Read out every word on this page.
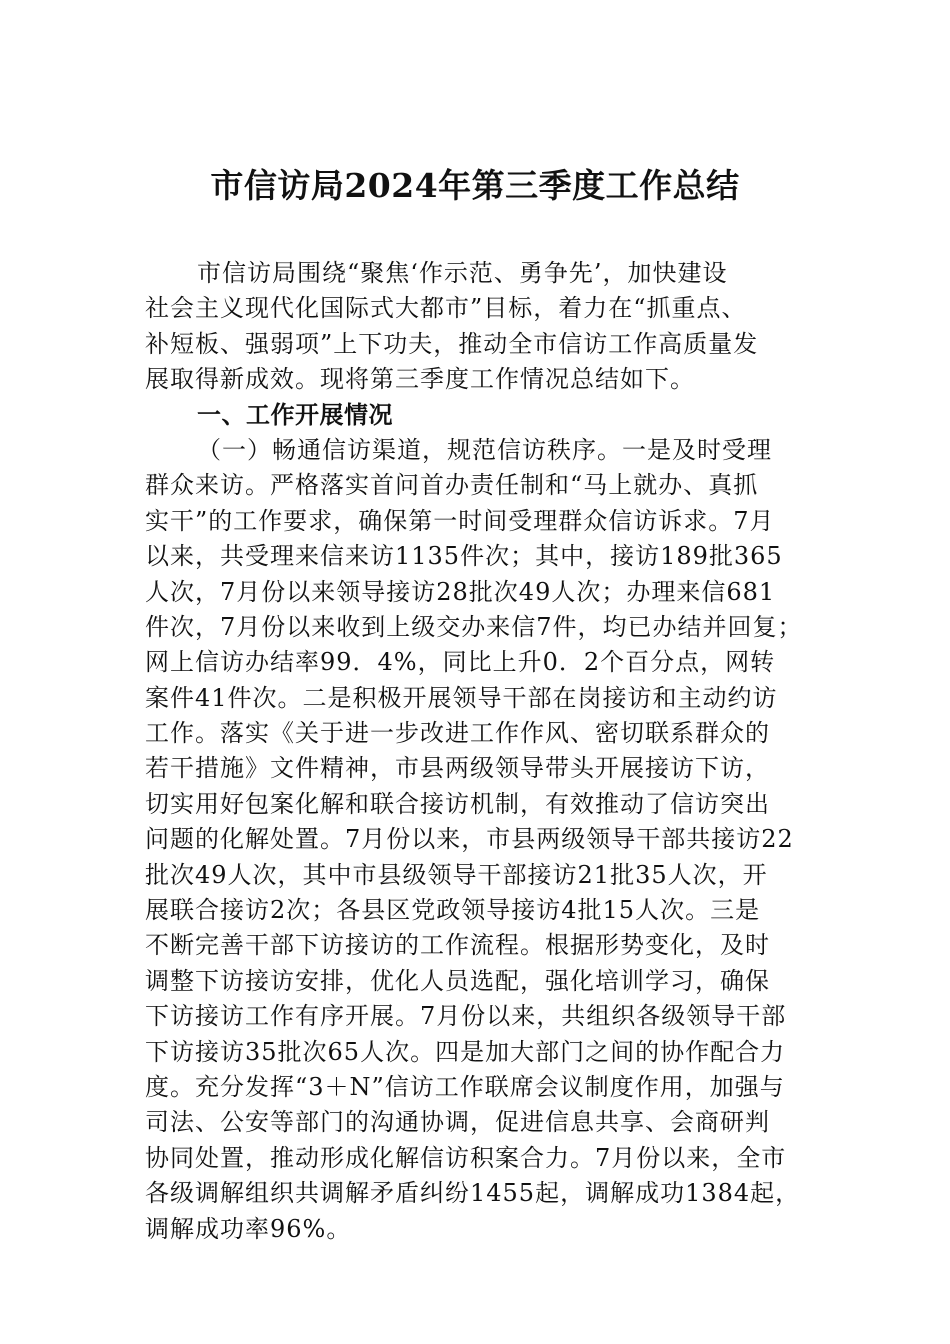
市信访局2024年第三季度工作总结
市信访局围绕“聚焦‘作示范、勇争先’，加快建设
社会主义现代化国际式大都市”目标，着力在“抓重点、
补短板、强弱项”上下功夫，推动全市信访工作高质量发
展取得新成效。现将第三季度工作情况总结如下。
一、工作开展情况
（一）畅通信访渠道，规范信访秩序。一是及时受理
群众来访。严格落实首问首办责任制和“马上就办、真抓
实干”的工作要求，确保第一时间受理群众信访诉求。7月
以来，共受理来信来访1135件次；其中，接访189批365
人次，7月份以来领导接访28批次49人次；办理来信681
件次，7月份以来收到上级交办来信7件，均已办结并回复；
网上信访办结率99．4%，同比上升0．2个百分点，网转
案件41件次。二是积极开展领导干部在岗接访和主动约访
工作。落实《关于进一步改进工作作风、密切联系群众的
若干措施》文件精神，市县两级领导带头开展接访下访，
切实用好包案化解和联合接访机制，有效推动了信访突出
问题的化解处置。7月份以来，市县两级领导干部共接访22
批次49人次，其中市县级领导干部接访21批35人次，开
展联合接访2次；各县区党政领导接访4批15人次。三是
不断完善干部下访接访的工作流程。根据形势变化，及时
调整下访接访安排，优化人员选配，强化培训学习，确保
下访接访工作有序开展。7月份以来，共组织各级领导干部
下访接访35批次65人次。四是加大部门之间的协作配合力
度。充分发挥“3＋N”信访工作联席会议制度作用，加强与
司法、公安等部门的沟通协调，促进信息共享、会商研判
协同处置，推动形成化解信访积案合力。7月份以来，全市
各级调解组织共调解矛盾纠纷1455起，调解成功1384起，
调解成功率96%。
